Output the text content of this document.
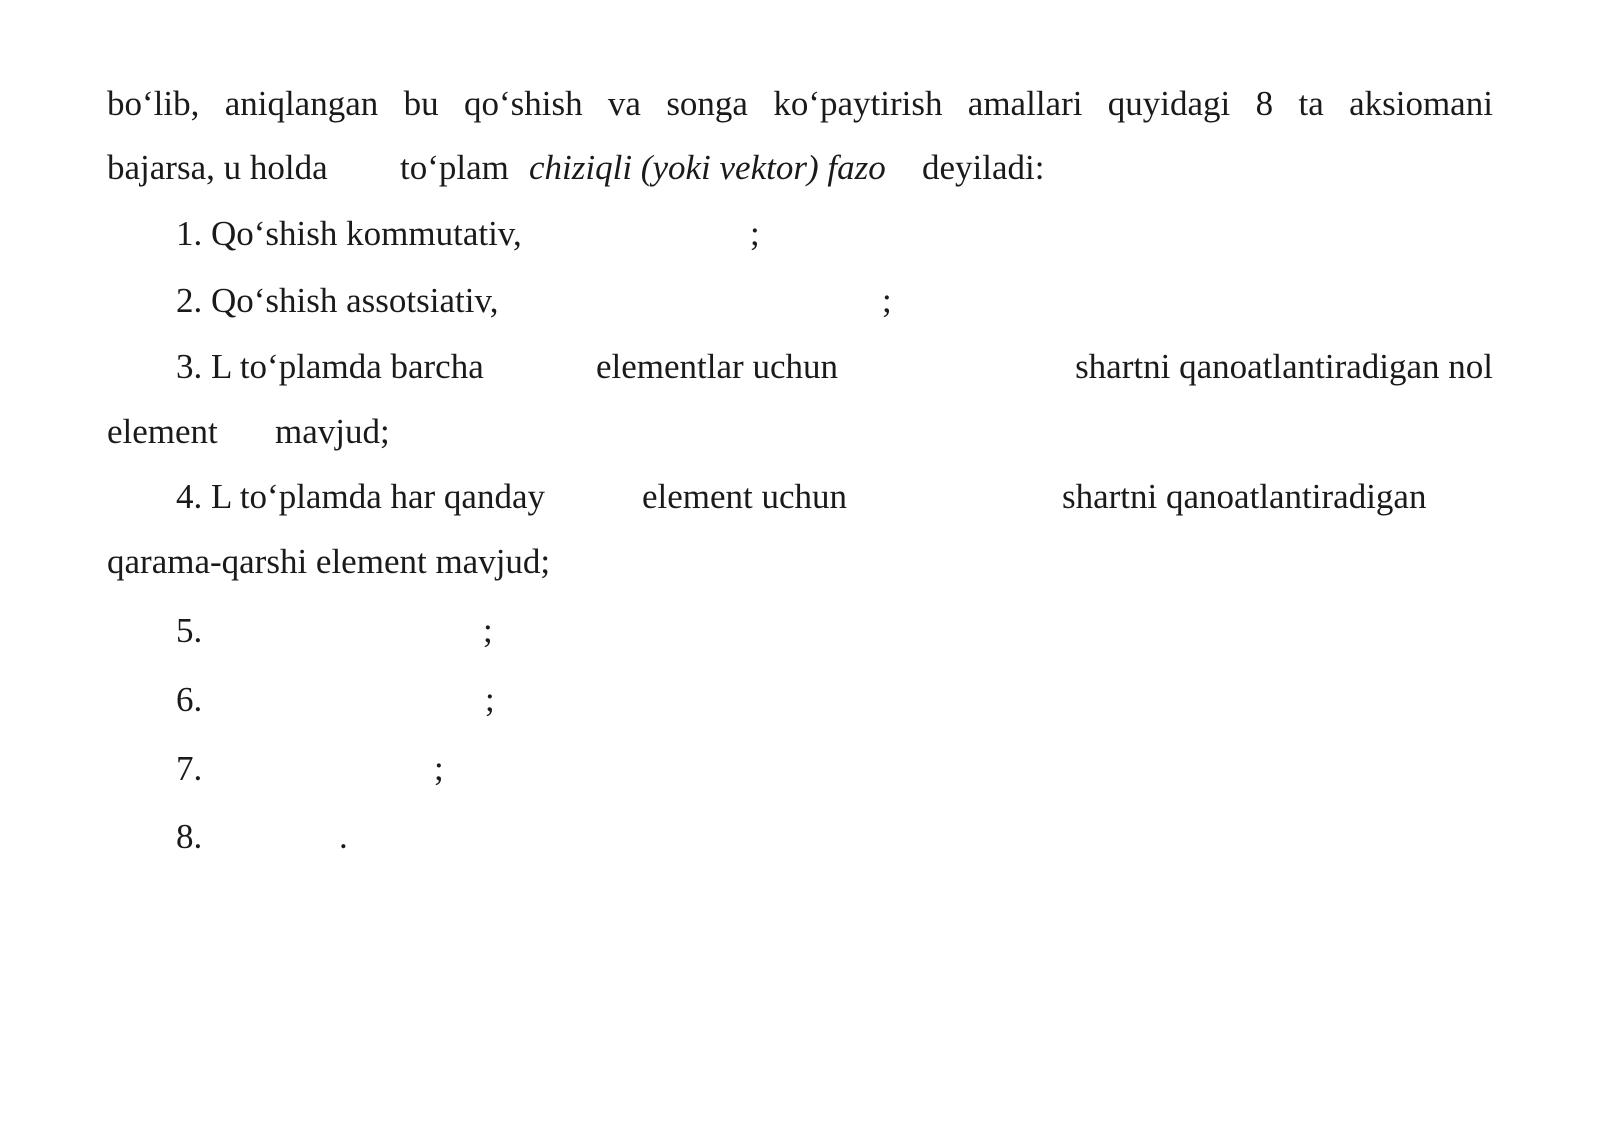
bo‘lib, aniqlangan bu qo‘shish va songa ko‘paytirish amallari quyidagi 8 ta aksiomani
bajarsa, u holda to‘plam chiziqli (yoki vektor) fazo deyiladi:
1. Qo‘shish kommutativ,	;
2. Qo‘shish assotsiativ,	;
3. L to‘plamda barcha	elementlar uchun	shartni qanoatlantiradigan nol
element mavjud;
4. L to‘plamda har qanday	element uchun	shartni qanoatlantiradigan
qarama-qarshi element mavjud;
5.	;
6.	;
7.	;
8.	.
